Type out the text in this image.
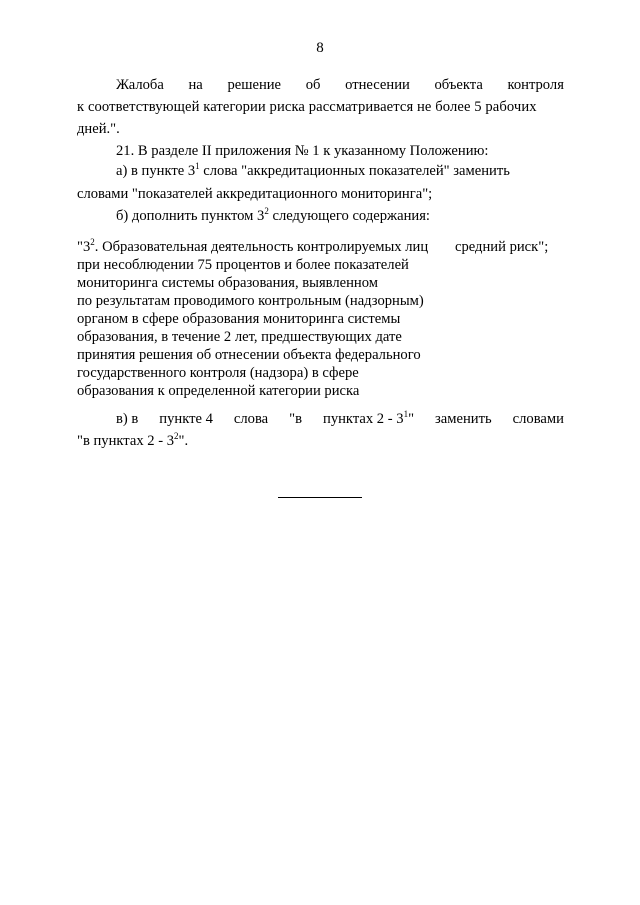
8
Жалоба на решение об отнесении объекта контроля
к соответствующей категории риска рассматривается не более 5 рабочих
дней.".
21. В разделе II приложения № 1 к указанному Положению:
а) в пункте $3^1$ слова "аккредитационных показателей" заменить
словами "показателей аккредитационного мониторинга";
б) дополнить пунктом $3^2$ следующего содержания:
"$3^2$. Образовательная деятельность контролируемых лиц средний риск";
при несоблюдении 75 процентов и более показателей
мониторинга системы образования, выявленном
по результатам проводимого контрольным (надзорным)
органом в сфере образования мониторинга системы
образования, в течение 2 лет, предшествующих дате
принятия решения об отнесении объекта федерального
государственного контроля (надзора) в сфере
образования к определенной категории риска
в) в пункте 4 слова "в пунктах $2 - 3^1$" заменить словами
"в пунктах $2 - 3^2$".
